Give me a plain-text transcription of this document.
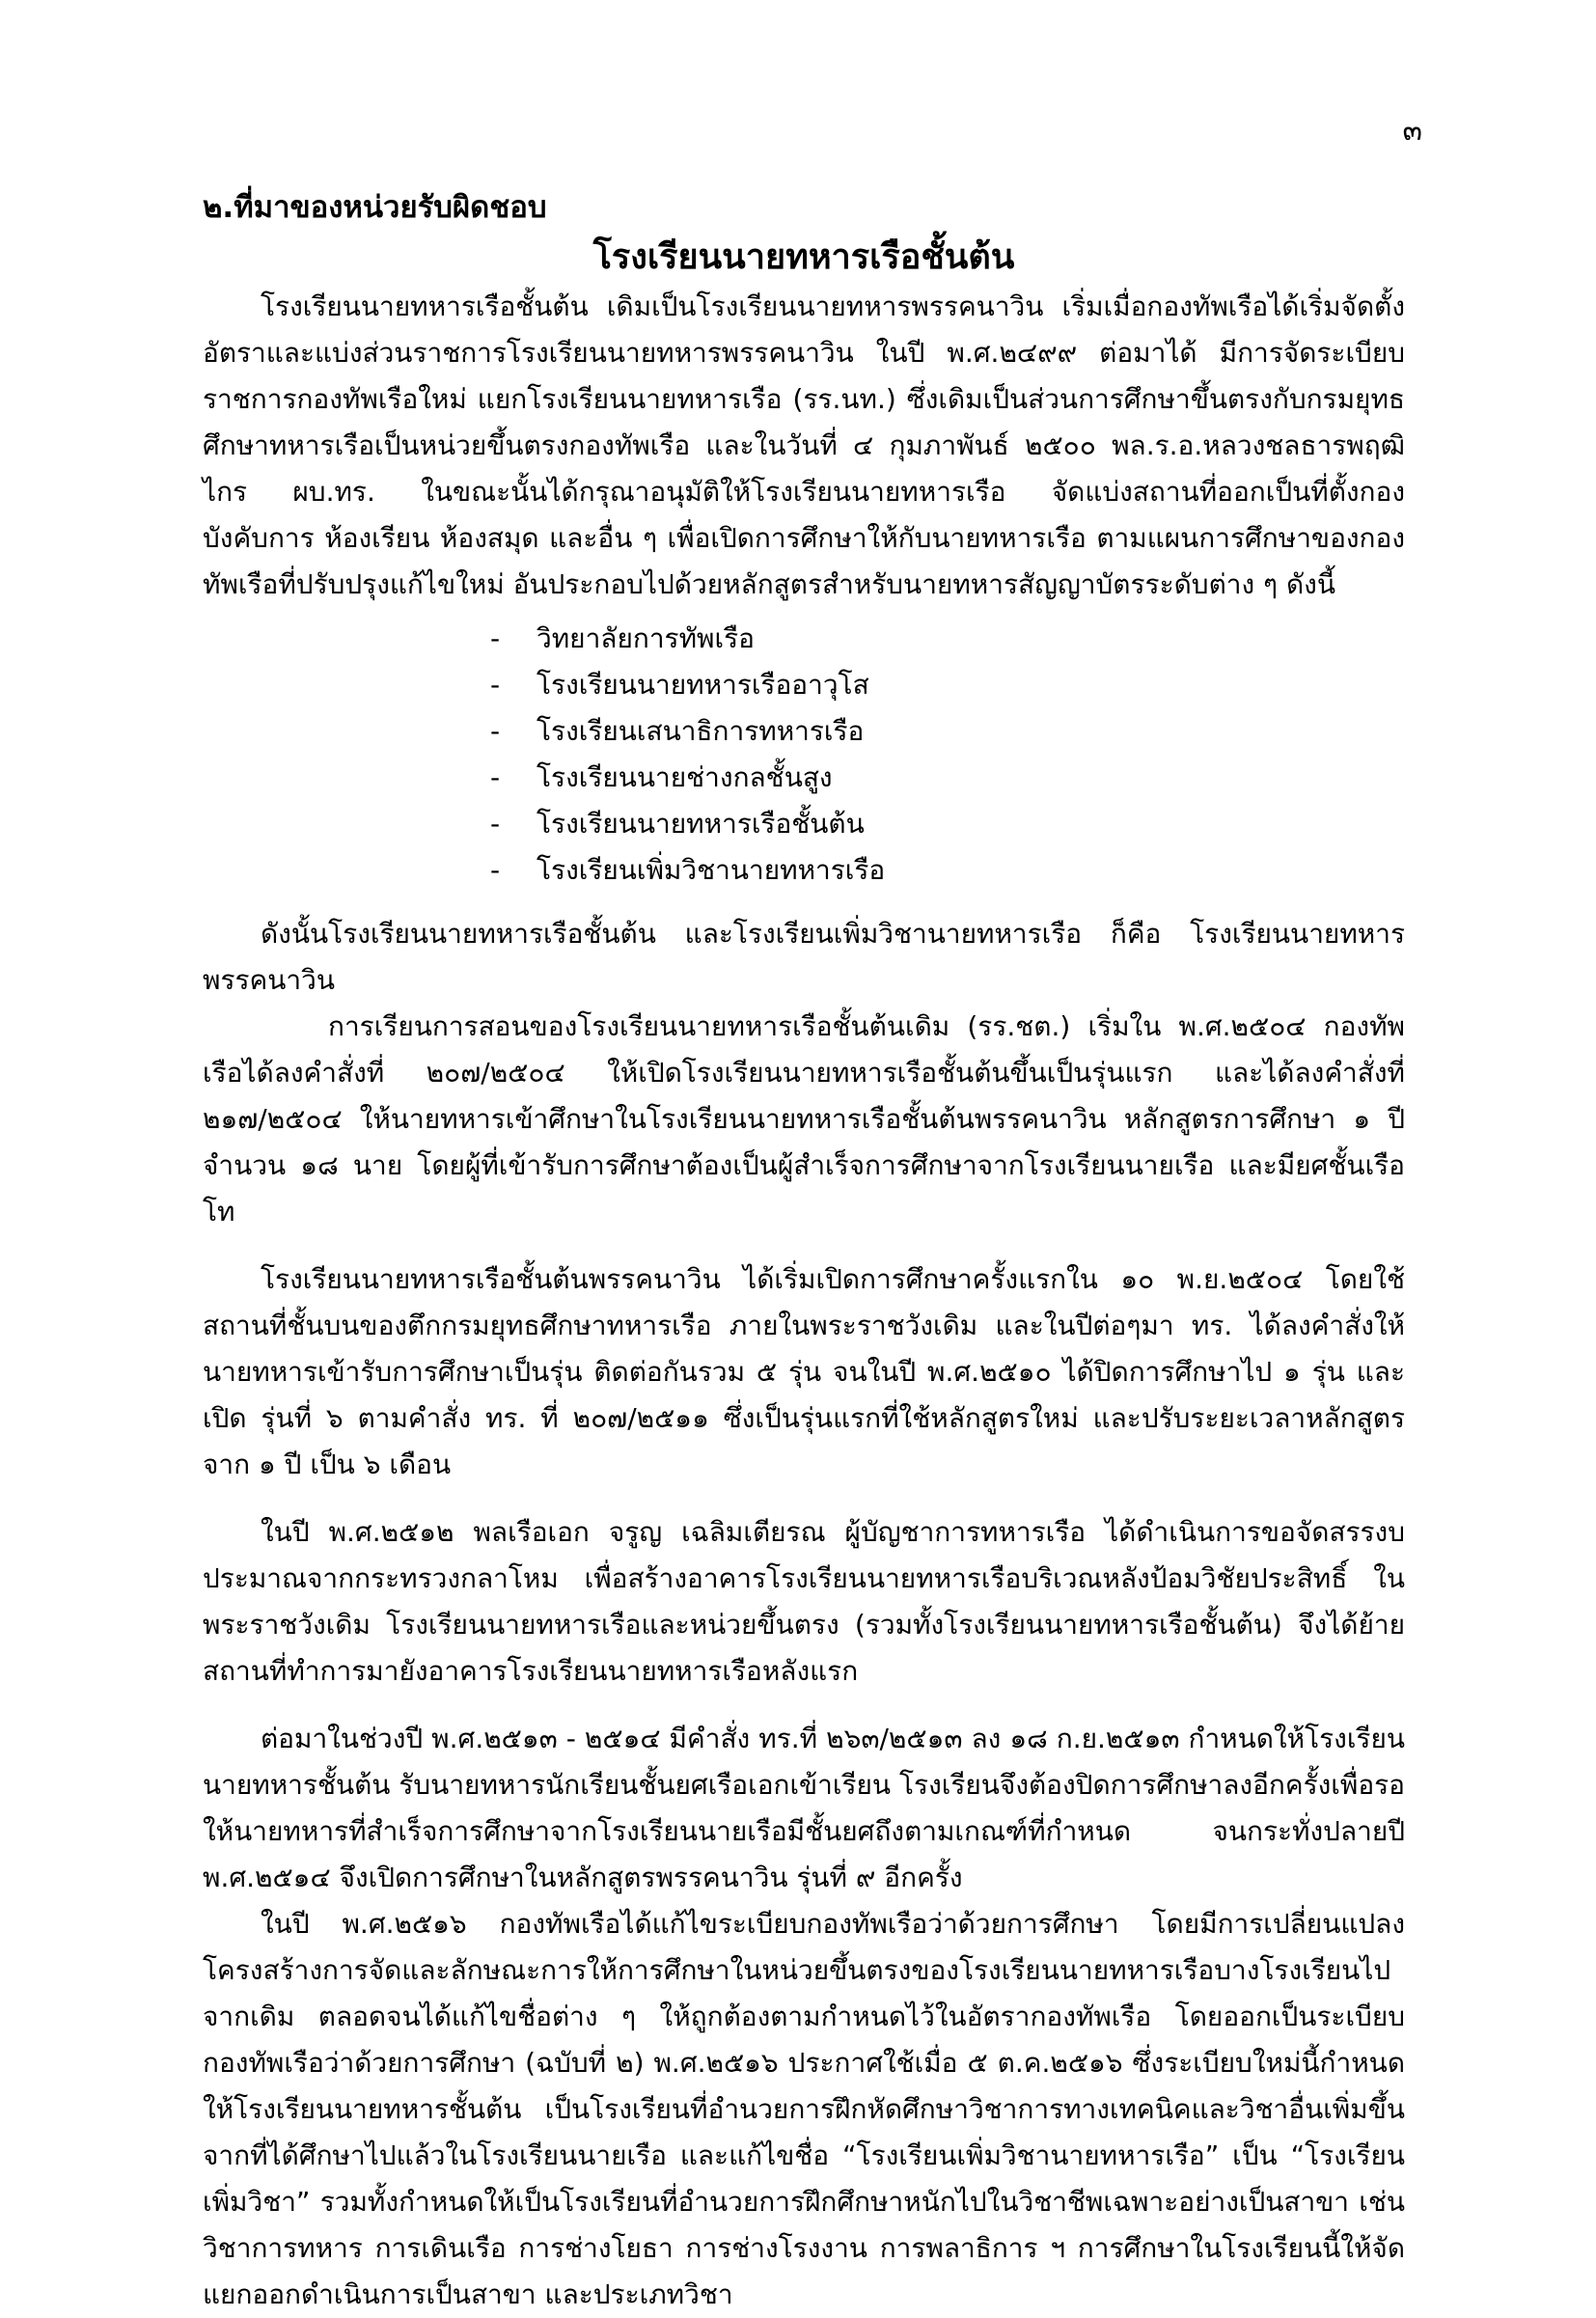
๓
๒.ที่มาของหน่วยรับผิดชอบ
โรงเรียนนายทหารเรือชั้นต้น

โรงเรียนนายทหารเรือชั้นต้น เดิมเป็นโรงเรียนนายทหารพรรคนาวิน เริ่มเมื่อกองทัพเรือได้เริ่มจัดตั้งอัตราและแบ่งส่วนราชการโรงเรียนนายทหารพรรคนาวิน ในปี พ.ศ.๒๔๙๙ ต่อมาได้ มีการจัดระเบียบราชการกองทัพเรือใหม่ แยกโรงเรียนนายทหารเรือ (รร.นท.) ซึ่งเดิมเป็นส่วนการศึกษาขึ้นตรงกับกรมยุทธศึกษาทหารเรือเป็นหน่วยขึ้นตรงกองทัพเรือ และในวันที่ ๔ กุมภาพันธ์ ๒๕๐๐ พล.ร.อ.หลวงชลธารพฤฒิไกร ผบ.ทร. ในขณะนั้นได้กรุณาอนุมัติให้โรงเรียนนายทหารเรือ จัดแบ่งสถานที่ออกเป็นที่ตั้งกองบังคับการ ห้องเรียน ห้องสมุด และอื่น ๆ เพื่อเปิดการศึกษาให้กับนายทหารเรือ ตามแผนการศึกษาของกองทัพเรือที่ปรับปรุงแก้ไขใหม่ อันประกอบไปด้วยหลักสูตรสำหรับนายทหารสัญญาบัตรระดับต่าง ๆ ดังนี้

- วิทยาลัยการทัพเรือ
- โรงเรียนนายทหารเรืออาวุโส
- โรงเรียนเสนาธิการทหารเรือ
- โรงเรียนนายช่างกลชั้นสูง
- โรงเรียนนายทหารเรือชั้นต้น
- โรงเรียนเพิ่มวิชานายทหารเรือ

ดังนั้นโรงเรียนนายทหารเรือชั้นต้น และโรงเรียนเพิ่มวิชานายทหารเรือ ก็คือ โรงเรียนนายทหารพรรคนาวิน

การเรียนการสอนของโรงเรียนนายทหารเรือชั้นต้นเดิม (รร.ชต.) เริ่มใน พ.ศ.๒๕๐๔ กองทัพเรือได้ลงคำสั่งที่ ๒๐๗/๒๕๐๔ ให้เปิดโรงเรียนนายทหารเรือชั้นต้นขึ้นเป็นรุ่นแรก และได้ลงคำสั่งที่ ๒๑๗/๒๕๐๔ ให้นายทหารเข้าศึกษาในโรงเรียนนายทหารเรือชั้นต้นพรรคนาวิน หลักสูตรการศึกษา ๑ ปี จำนวน ๑๘ นาย โดยผู้ที่เข้ารับการศึกษาต้องเป็นผู้สำเร็จการศึกษาจากโรงเรียนนายเรือ และมียศชั้นเรือโท

โรงเรียนนายทหารเรือชั้นต้นพรรคนาวิน ได้เริ่มเปิดการศึกษาครั้งแรกใน ๑๐ พ.ย.๒๕๐๔ โดยใช้สถานที่ชั้นบนของตึกกรมยุทธศึกษาทหารเรือ ภายในพระราชวังเดิม และในปีต่อๆมา ทร. ได้ลงคำสั่งให้นายทหารเข้ารับการศึกษาเป็นรุ่น ติดต่อกันรวม ๕ รุ่น จนในปี พ.ศ.๒๕๑๐ ได้ปิดการศึกษาไป ๑ รุ่น และเปิด รุ่นที่ ๖ ตามคำสั่ง ทร. ที่ ๒๐๗/๒๕๑๑ ซึ่งเป็นรุ่นแรกที่ใช้หลักสูตรใหม่ และปรับระยะเวลาหลักสูตรจาก ๑ ปี เป็น ๖ เดือน

ในปี พ.ศ.๒๕๑๒ พลเรือเอก จรูญ เฉลิมเตียรณ ผู้บัญชาการทหารเรือ ได้ดำเนินการขอจัดสรรงบประมาณจากกระทรวงกลาโหม เพื่อสร้างอาคารโรงเรียนนายทหารเรือบริเวณหลังป้อมวิชัยประสิทธิ์ ในพระราชวังเดิม โรงเรียนนายทหารเรือและหน่วยขึ้นตรง (รวมทั้งโรงเรียนนายทหารเรือชั้นต้น) จึงได้ย้ายสถานที่ทำการมายังอาคารโรงเรียนนายทหารเรือหลังแรก

ต่อมาในช่วงปี พ.ศ.๒๕๑๓ - ๒๕๑๔ มีคำสั่ง ทร.ที่ ๒๖๓/๒๕๑๓ ลง ๑๘ ก.ย.๒๕๑๓ กำหนดให้โรงเรียนนายทหารชั้นต้น รับนายทหารนักเรียนชั้นยศเรือเอกเข้าเรียน โรงเรียนจึงต้องปิดการศึกษาลงอีกครั้งเพื่อรอให้นายทหารที่สำเร็จการศึกษาจากโรงเรียนนายเรือมีชั้นยศถึงตามเกณฑ์ที่กำหนด จนกระทั่งปลายปี พ.ศ.๒๕๑๔ จึงเปิดการศึกษาในหลักสูตรพรรคนาวิน รุ่นที่ ๙ อีกครั้ง

ในปี พ.ศ.๒๕๑๖ กองทัพเรือได้แก้ไขระเบียบกองทัพเรือว่าด้วยการศึกษา โดยมีการเปลี่ยนแปลงโครงสร้างการจัดและลักษณะการให้การศึกษาในหน่วยขึ้นตรงของโรงเรียนนายทหารเรือบางโรงเรียนไปจากเดิม ตลอดจนได้แก้ไขชื่อต่าง ๆ ให้ถูกต้องตามกำหนดไว้ในอัตรากองทัพเรือ โดยออกเป็นระเบียบกองทัพเรือว่าด้วยการศึกษา (ฉบับที่ ๒) พ.ศ.๒๕๑๖ ประกาศใช้เมื่อ ๕ ต.ค.๒๕๑๖ ซึ่งระเบียบใหม่นี้กำหนดให้โรงเรียนนายทหารชั้นต้น เป็นโรงเรียนที่อำนวยการฝึกหัดศึกษาวิชาการทางเทคนิคและวิชาอื่นเพิ่มขึ้นจากที่ได้ศึกษาไปแล้วในโรงเรียนนายเรือ และแก้ไขชื่อ “โรงเรียนเพิ่มวิชานายทหารเรือ” เป็น “โรงเรียนเพิ่มวิชา” รวมทั้งกำหนดให้เป็นโรงเรียนที่อำนวยการฝึกศึกษาหนักไปในวิชาชีพเฉพาะอย่างเป็นสาขา เช่น วิชาการทหาร การเดินเรือ การช่างโยธา การช่างโรงงาน การพลาธิการ ฯ การศึกษาในโรงเรียนนี้ให้จัดแยกออกดำเนินการเป็นสาขา และประเภทวิชา
